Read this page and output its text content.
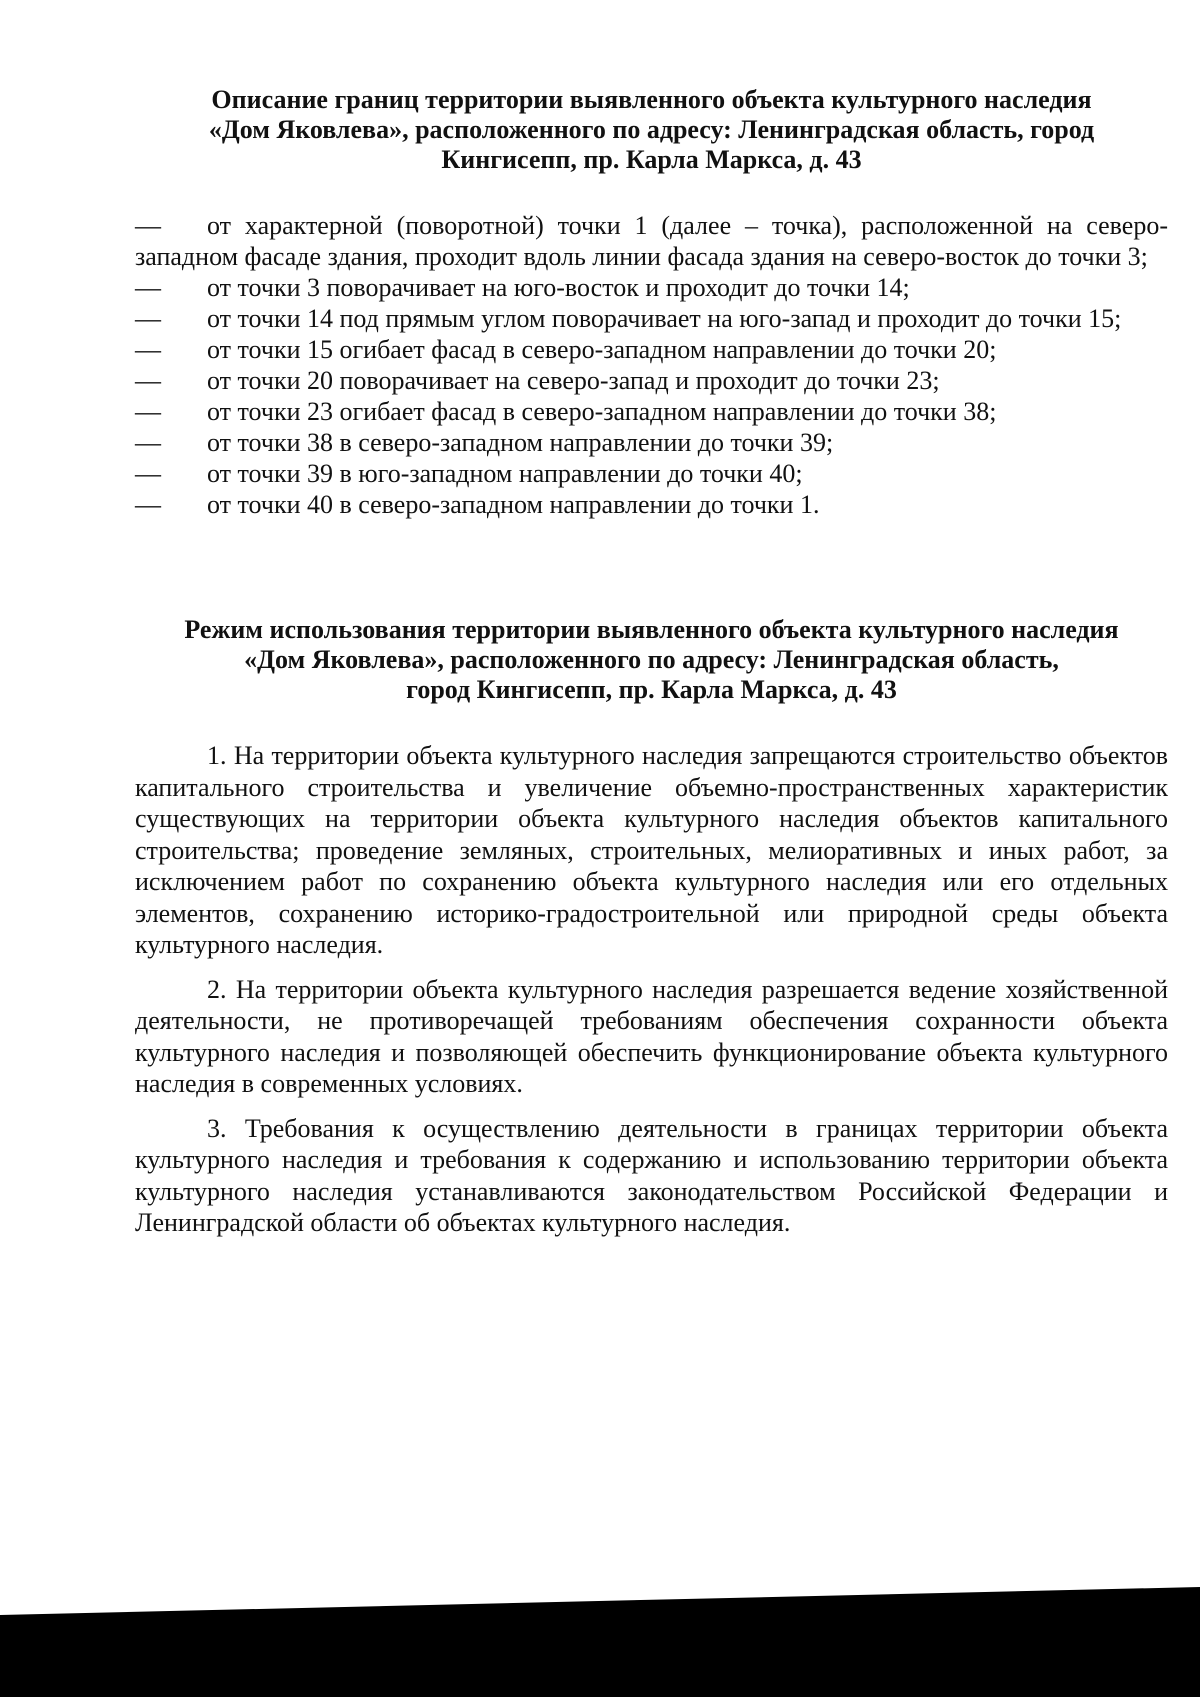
Описание границ территории выявленного объекта культурного наследия
«Дом Яковлева», расположенного по адресу: Ленинградская область, город
Кингисепп, пр. Карла Маркса, д. 43
— от характерной (поворотной) точки 1 (далее – точка), расположенной на северо-западном фасаде здания, проходит вдоль линии фасада здания на северо-восток до точки 3;
— от точки 3 поворачивает на юго-восток и проходит до точки 14;
— от точки 14 под прямым углом поворачивает на юго-запад и проходит до точки 15;
— от точки 15 огибает фасад в северо-западном направлении до точки 20;
— от точки 20 поворачивает на северо-запад и проходит до точки 23;
— от точки 23 огибает фасад в северо-западном направлении до точки 38;
— от точки 38 в северо-западном направлении до точки 39;
— от точки 39 в юго-западном направлении до точки 40;
— от точки 40 в северо-западном направлении до точки 1.
Режим использования территории выявленного объекта культурного наследия
«Дом Яковлева», расположенного по адресу: Ленинградская область,
город Кингисепп, пр. Карла Маркса, д. 43

1. На территории объекта культурного наследия запрещаются строительство объектов капитального строительства и увеличение объемно-пространственных характеристик существующих на территории объекта культурного наследия объектов капитального строительства; проведение земляных, строительных, мелиоративных и иных работ, за исключением работ по сохранению объекта культурного наследия или его отдельных элементов, сохранению историко-градостроительной или природной среды объекта культурного наследия.

2. На территории объекта культурного наследия разрешается ведение хозяйственной деятельности, не противоречащей требованиям обеспечения сохранности объекта культурного наследия и позволяющей обеспечить функционирование объекта культурного наследия в современных условиях.

3. Требования к осуществлению деятельности в границах территории объекта культурного наследия и требования к содержанию и использованию территории объекта культурного наследия устанавливаются законодательством Российской Федерации и Ленинградской области об объектах культурного наследия.
